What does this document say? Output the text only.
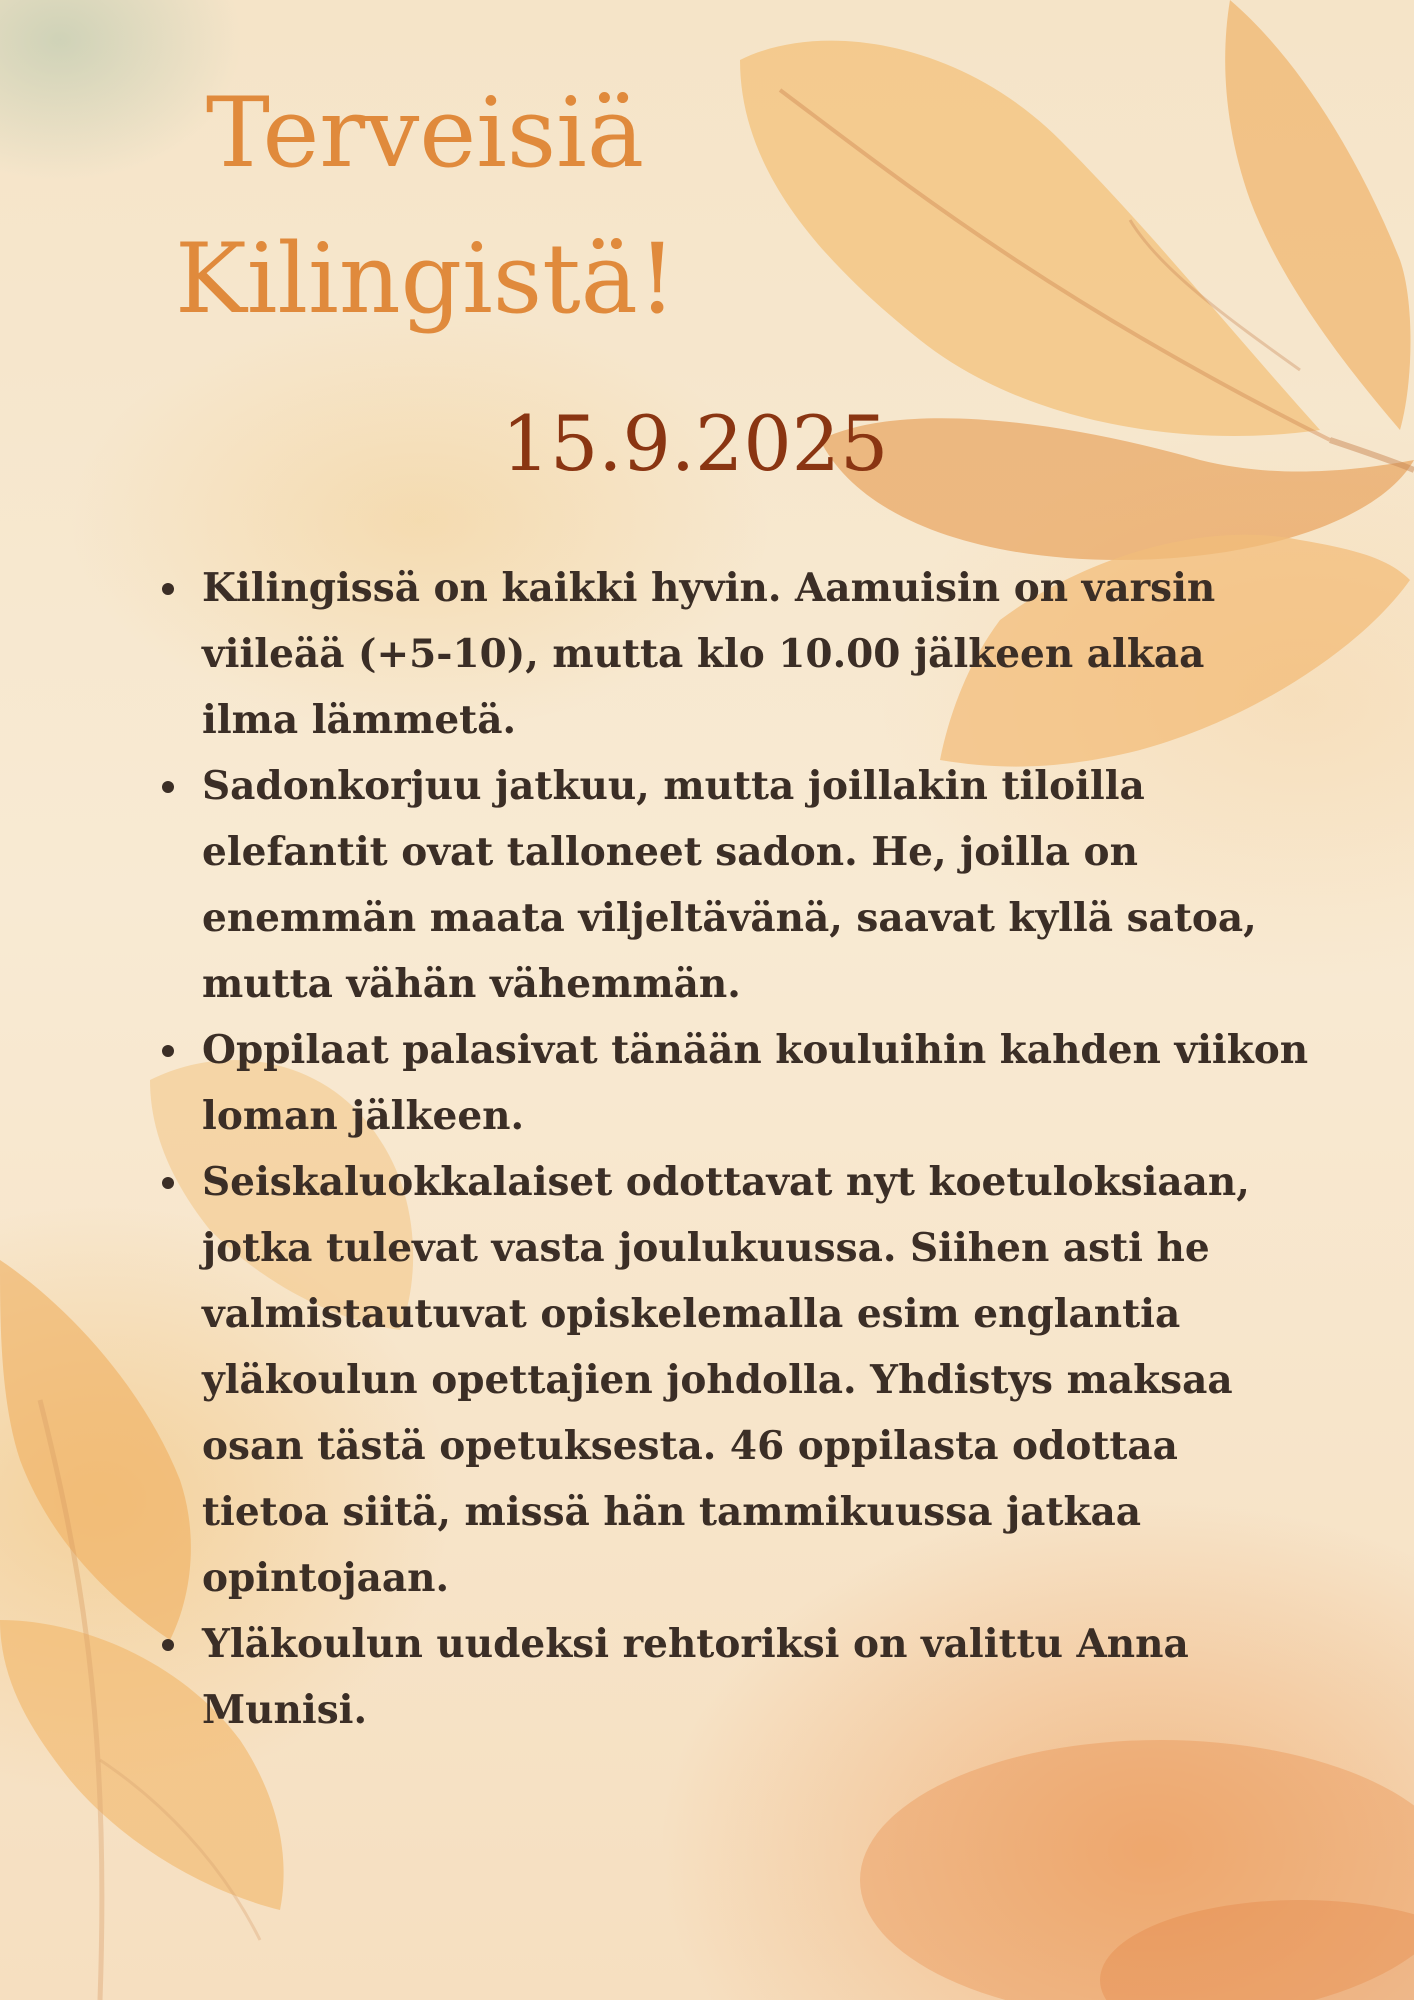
Terveisiä
Kilingistä!
15.9.2025
Kilingissä on kaikki hyvin. Aamuisin on varsin viileää (+5-10), mutta klo 10.00 jälkeen alkaa ilma lämmetä.
Sadonkorjuu jatkuu, mutta joillakin tiloilla elefantit ovat talloneet sadon. He, joilla on enemmän maata viljeltävänä, saavat kyllä satoa, mutta vähän vähemmän.
Oppilaat palasivat tänään kouluihin kahden viikon loman jälkeen.
Seiskaluokkalaiset odottavat nyt koetuloksiaan, jotka tulevat vasta joulukuussa. Siihen asti he valmistautuvat opiskelemalla esim englantia yläkoulun opettajien johdolla. Yhdistys maksaa osan tästä opetuksesta. 46 oppilasta odottaa tietoa siitä, missä hän tammikuussa jatkaa opintojaan.
Yläkoulun uudeksi rehtoriksi on valittu Anna Munisi.
